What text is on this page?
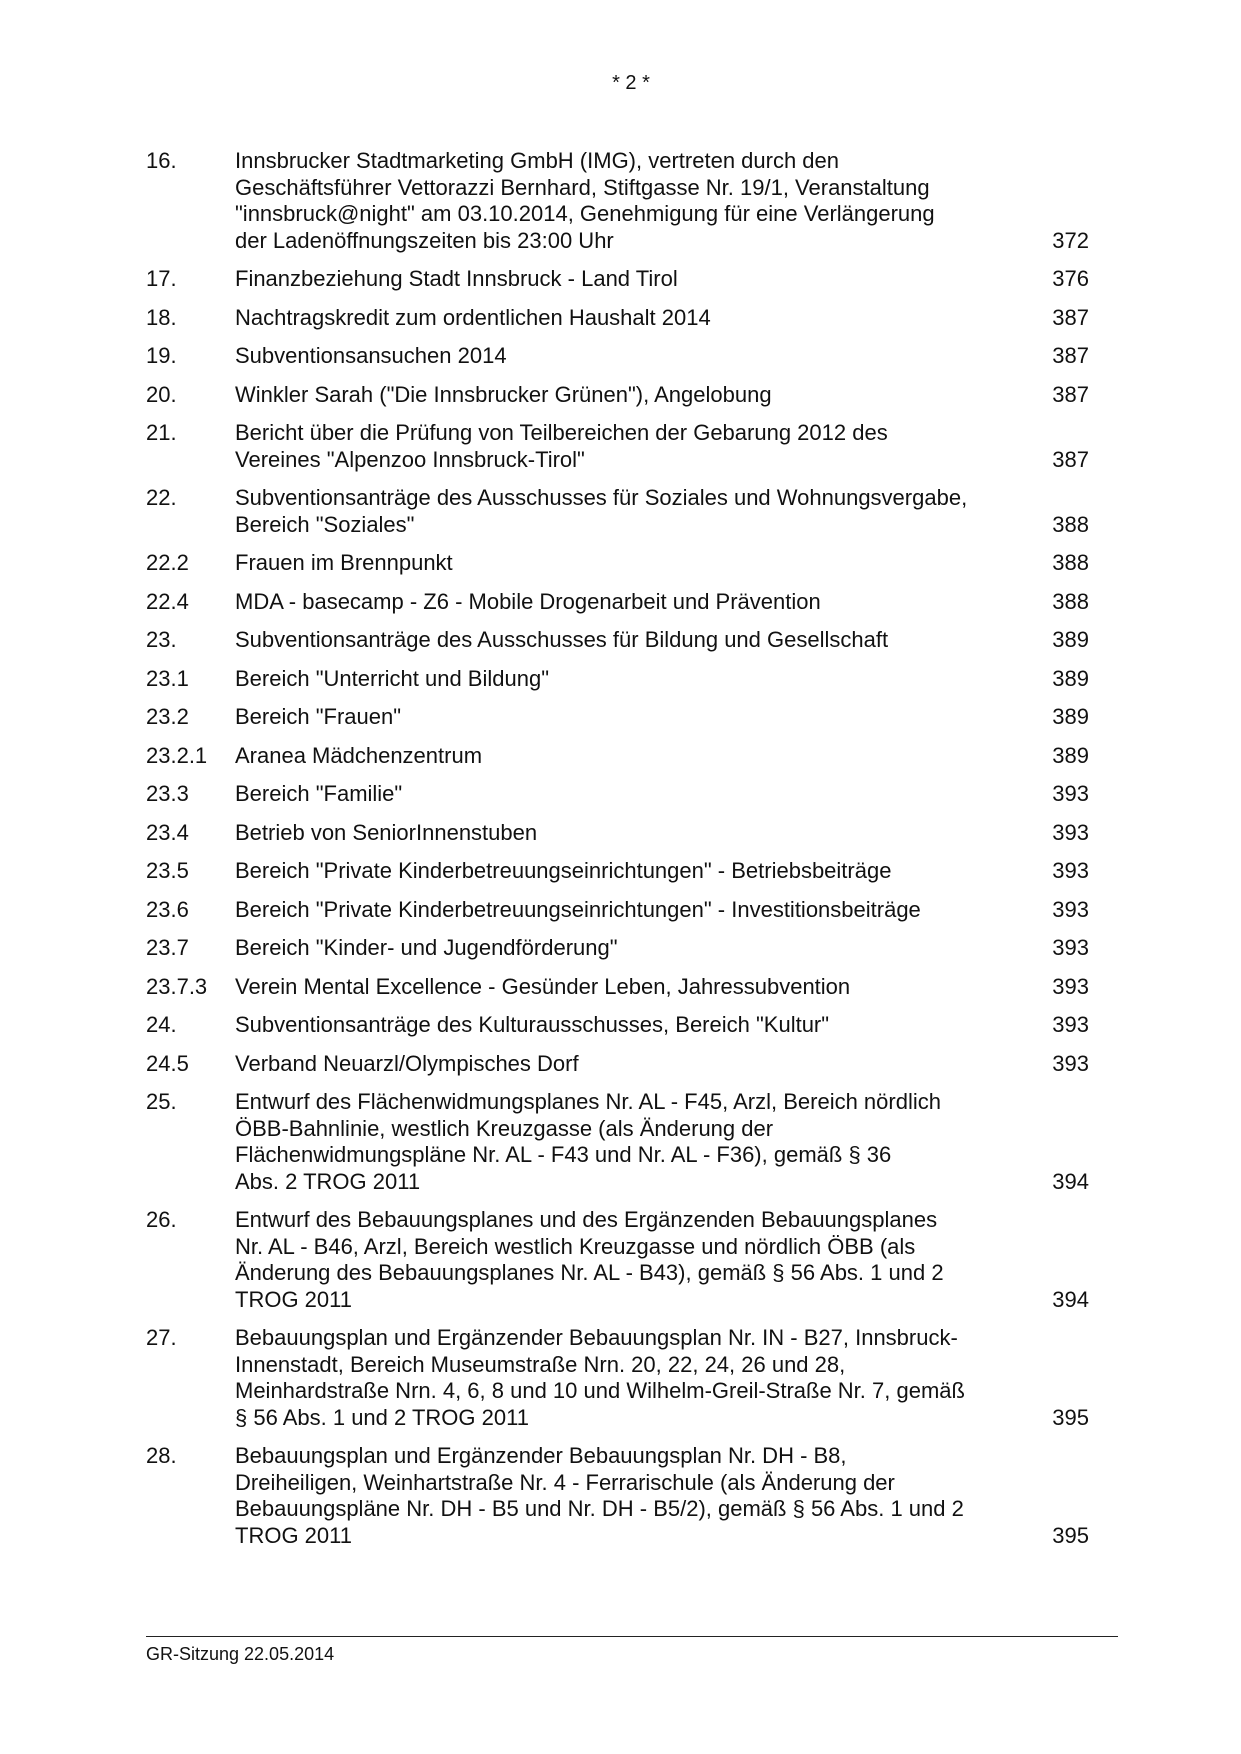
* 2 *
16.	Innsbrucker Stadtmarketing GmbH (IMG), vertreten durch den
Geschäftsführer Vettorazzi Bernhard, Stiftgasse Nr. 19/1, Veranstaltung
"innsbruck@night" am 03.10.2014, Genehmigung für eine Verlängerung
der Ladenöffnungszeiten bis 23:00 Uhr	372
17.	Finanzbeziehung Stadt Innsbruck - Land Tirol	376
18.	Nachtragskredit zum ordentlichen Haushalt 2014	387
19.	Subventionsansuchen 2014	387
20.	Winkler Sarah ("Die Innsbrucker Grünen"), Angelobung	387
21.	Bericht über die Prüfung von Teilbereichen der Gebarung 2012 des
Vereines "Alpenzoo Innsbruck-Tirol"	387
22.	Subventionsanträge des Ausschusses für Soziales und Wohnungsvergabe,
Bereich "Soziales"	388
22.2 Frauen im Brennpunkt	388
22.4 MDA - basecamp - Z6 - Mobile Drogenarbeit und Prävention	388
23.	Subventionsanträge des Ausschusses für Bildung und Gesellschaft	389
23.1 Bereich "Unterricht und Bildung"	389
23.2 Bereich "Frauen"	389
23.2.1 Aranea Mädchenzentrum	389
23.3 Bereich "Familie"	393
23.4 Betrieb von SeniorInnenstuben	393
23.5 Bereich "Private Kinderbetreuungseinrichtungen" - Betriebsbeiträge	393
23.6 Bereich "Private Kinderbetreuungseinrichtungen" - Investitionsbeiträge	393
23.7 Bereich "Kinder- und Jugendförderung"	393
23.7.3 Verein Mental Excellence - Gesünder Leben, Jahressubvention	393
24.	Subventionsanträge des Kulturausschusses, Bereich "Kultur"	393
24.5 Verband Neuarzl/Olympisches Dorf	393
25.	Entwurf des Flächenwidmungsplanes Nr. AL - F45, Arzl, Bereich nördlich
ÖBB-Bahnlinie, westlich Kreuzgasse (als Änderung der
Flächenwidmungspläne Nr. AL - F43 und Nr. AL - F36), gemäß § 36
Abs. 2 TROG 2011	394
26.	Entwurf des Bebauungsplanes und des Ergänzenden Bebauungsplanes
Nr. AL - B46, Arzl, Bereich westlich Kreuzgasse und nördlich ÖBB (als
Änderung des Bebauungsplanes Nr. AL - B43), gemäß § 56 Abs. 1 und 2
TROG 2011	394
27.	Bebauungsplan und Ergänzender Bebauungsplan Nr. IN - B27, Innsbruck-
Innenstadt, Bereich Museumstraße Nrn. 20, 22, 24, 26 und 28,
Meinhardstraße Nrn. 4, 6, 8 und 10 und Wilhelm-Greil-Straße Nr. 7, gemäß
§ 56 Abs. 1 und 2 TROG 2011	395
28.	Bebauungsplan und Ergänzender Bebauungsplan Nr. DH - B8,
Dreiheiligen, Weinhartstraße Nr. 4 - Ferrarischule (als Änderung der
Bebauungspläne Nr. DH - B5 und Nr. DH - B5/2), gemäß § 56 Abs. 1 und 2
TROG 2011	395
GR-Sitzung 22.05.2014
